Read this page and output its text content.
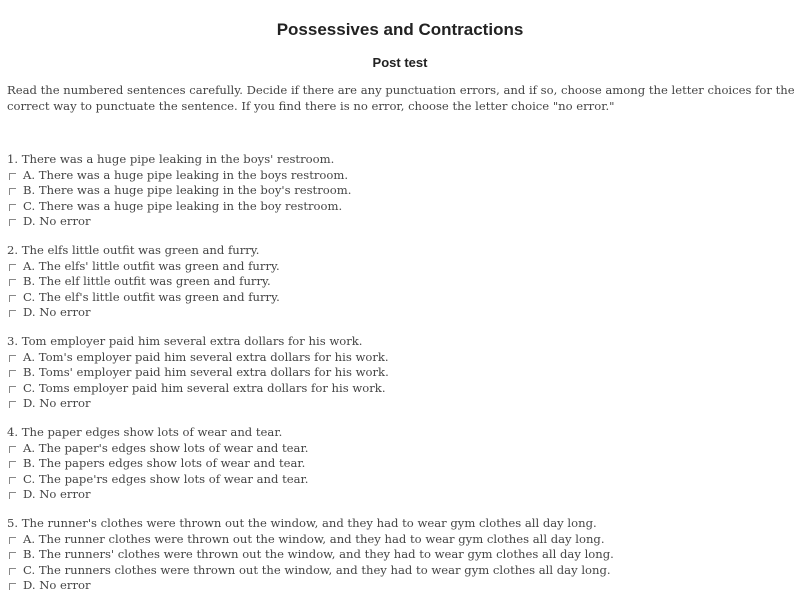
Possessives and Contractions
Post test

Read the numbered sentences carefully. Decide if there are any punctuation errors, and if so, choose among the letter choices for the correct way to punctuate the sentence. If you find there is no error, choose the letter choice "no error."

1. There was a huge pipe leaking in the boys' restroom.
A. There was a huge pipe leaking in the boys restroom.
B. There was a huge pipe leaking in the boy's restroom.
C. There was a huge pipe leaking in the boy restroom.
D. No error
2. The elfs little outfit was green and furry.
A. The elfs' little outfit was green and furry.
B. The elf little outfit was green and furry.
C. The elf's little outfit was green and furry.
D. No error
3. Tom employer paid him several extra dollars for his work.
A. Tom's employer paid him several extra dollars for his work.
B. Toms' employer paid him several extra dollars for his work.
C. Toms employer paid him several extra dollars for his work.
D. No error
4. The paper edges show lots of wear and tear.
A. The paper's edges show lots of wear and tear.
B. The papers edges show lots of wear and tear.
C. The pape'rs edges show lots of wear and tear.
D. No error
5. The runner's clothes were thrown out the window, and they had to wear gym clothes all day long.
A. The runner clothes were thrown out the window, and they had to wear gym clothes all day long.
B. The runners' clothes were thrown out the window, and they had to wear gym clothes all day long.
C. The runners clothes were thrown out the window, and they had to wear gym clothes all day long.
D. No error
